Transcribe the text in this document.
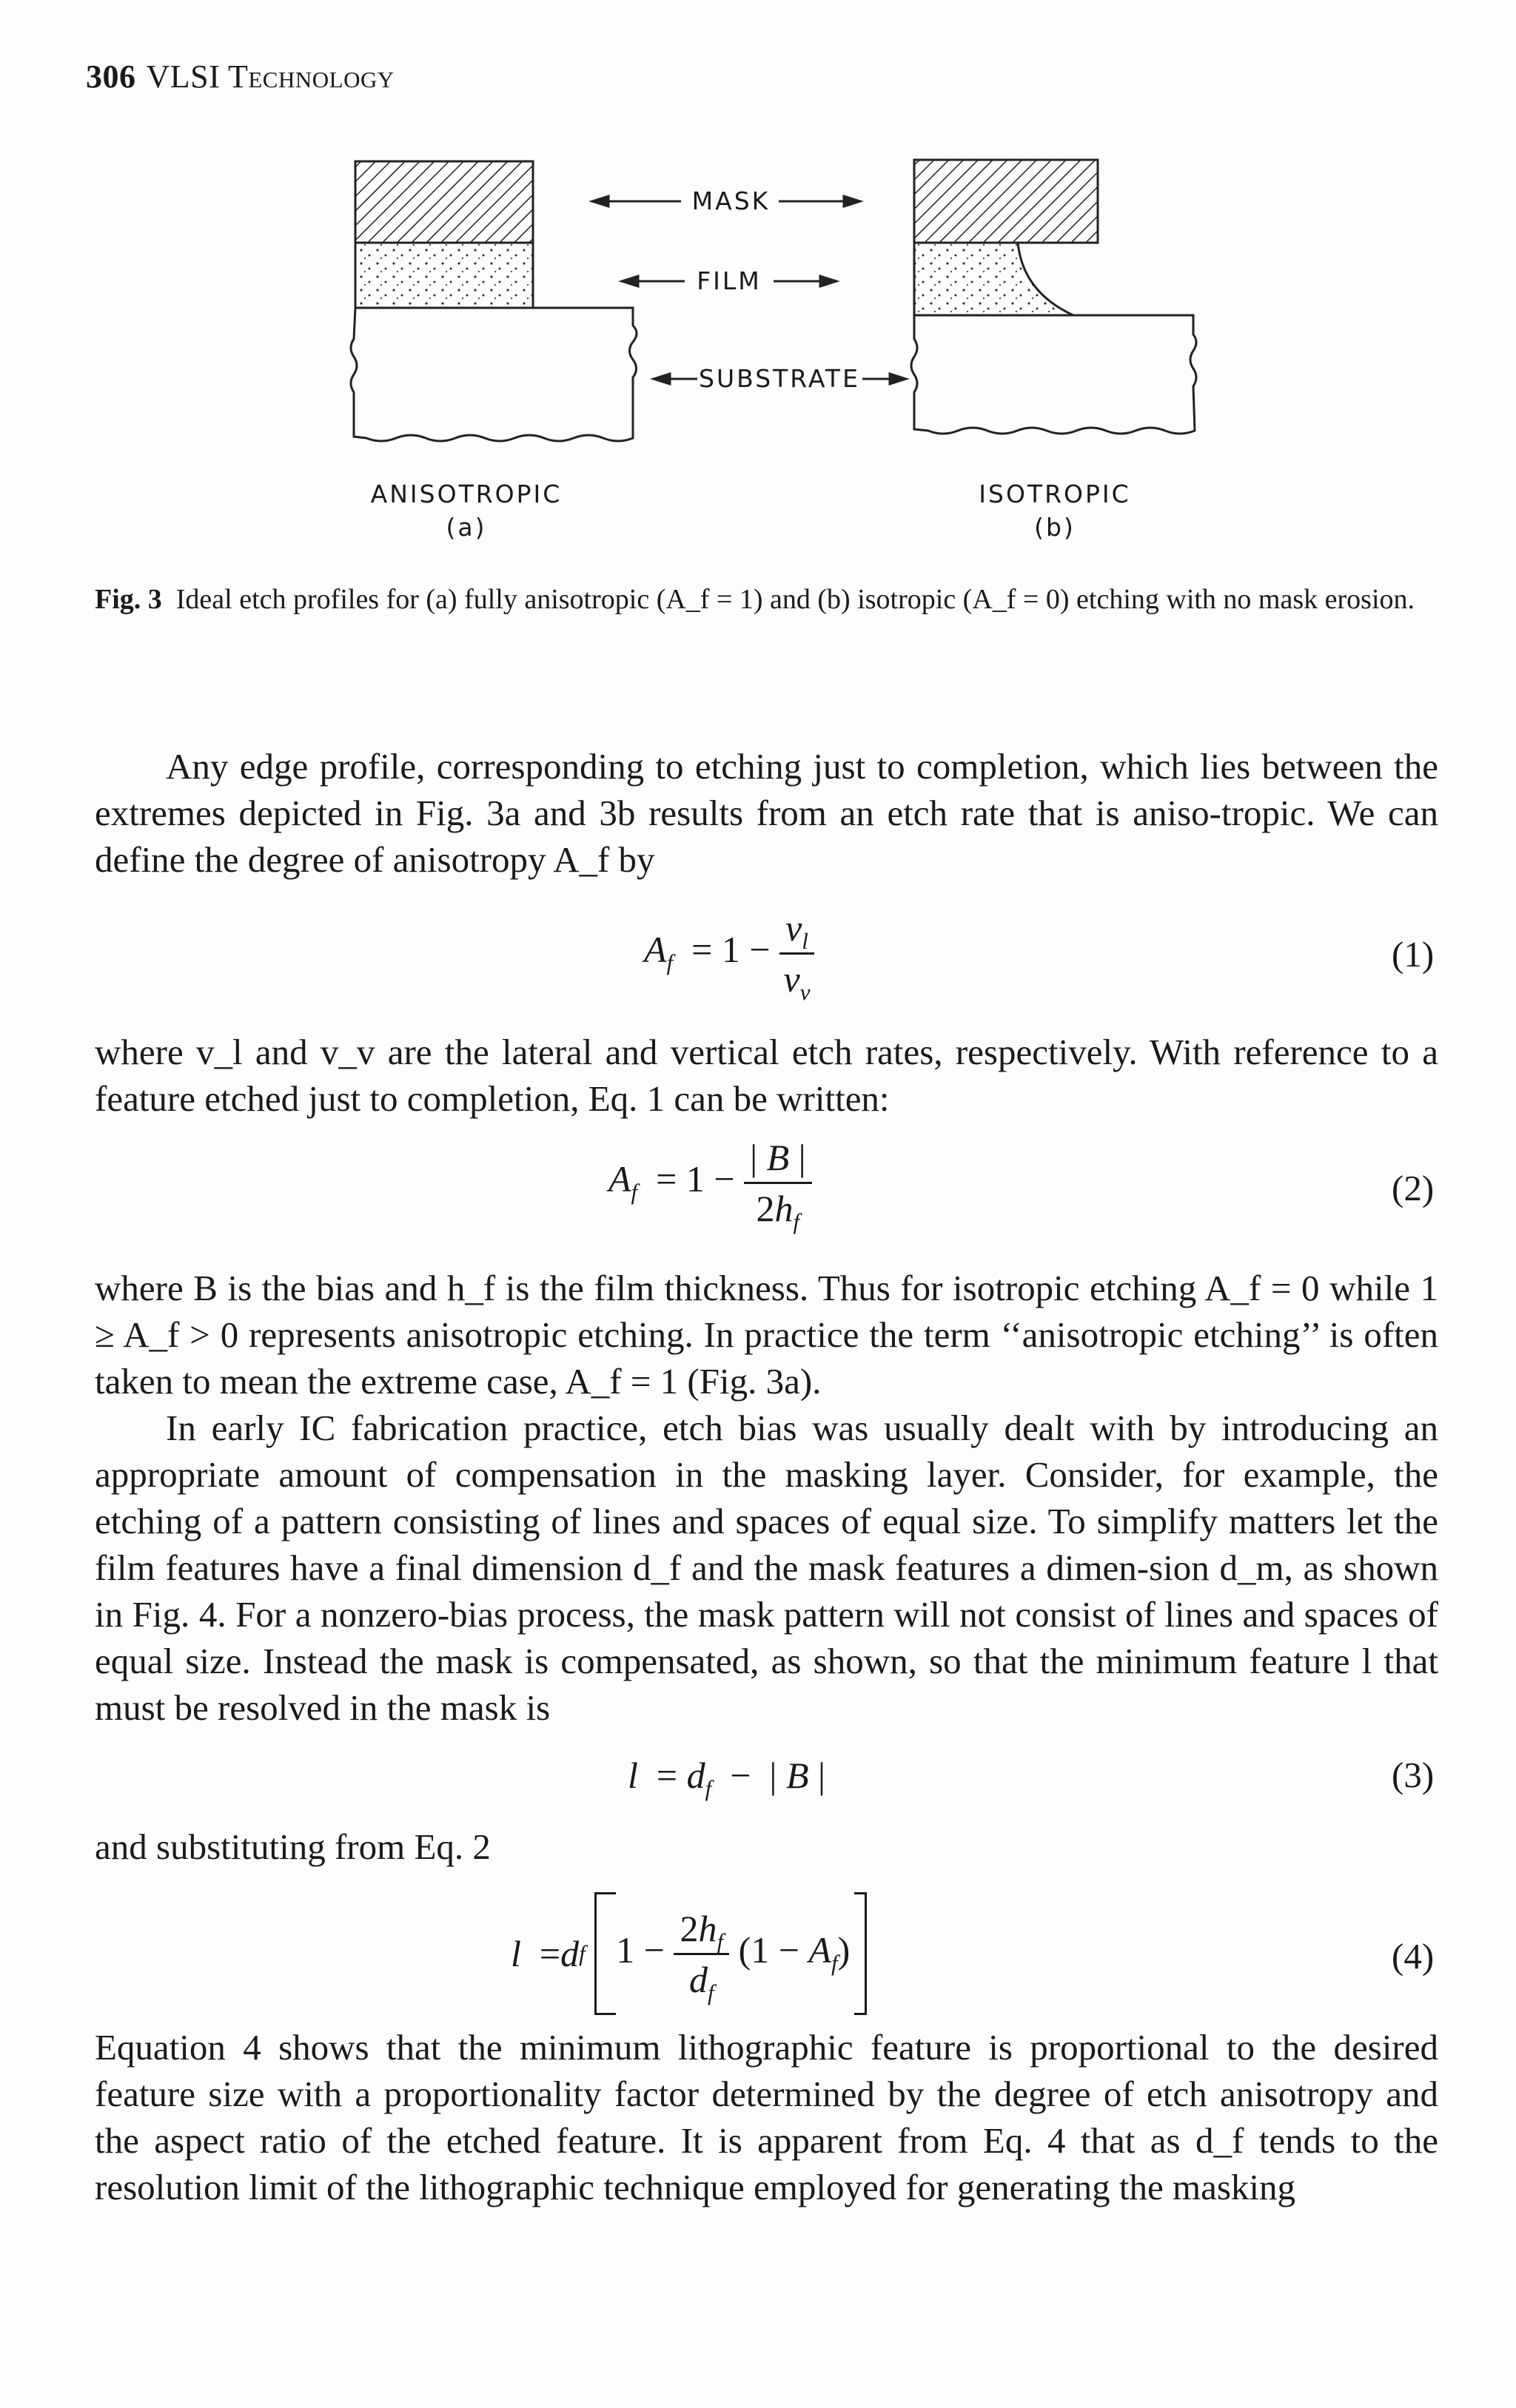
306 VLSI Technology
MASK
FILM
SUBSTRATE
ANISOTROPIC
(a)
ISOTROPIC
(b)
Fig. 3 Ideal etch profiles for (a) fully anisotropic (A_f = 1) and (b) isotropic (A_f = 0) etching with no mask erosion.
Any edge profile, corresponding to etching just to completion, which lies between the extremes depicted in Fig. 3a and 3b results from an etch rate that is aniso-tropic. We can define the degree of anisotropy A_f by
$A_f = 1 - \frac{v_l}{v_v}$	(1)
where v_l and v_v are the lateral and vertical etch rates, respectively. With reference to a feature etched just to completion, Eq. 1 can be written:
$A_f = 1 - \frac{| B |}{2h_f}$	(2)
where B is the bias and h_f is the film thickness. Thus for isotropic etching A_f = 0 while 1 ≥ A_f > 0 represents anisotropic etching. In practice the term ‘‘anisotropic etching’’ is often taken to mean the extreme case, A_f = 1 (Fig. 3a).
In early IC fabrication practice, etch bias was usually dealt with by introducing an appropriate amount of compensation in the masking layer. Consider, for example, the etching of a pattern consisting of lines and spaces of equal size. To simplify matters let the film features have a final dimension d_f and the mask features a dimen-sion d_m, as shown in Fig. 4. For a nonzero-bias process, the mask pattern will not consist of lines and spaces of equal size. Instead the mask is compensated, as shown, so that the minimum feature l that must be resolved in the mask is
$l = d_f$  −  | B |	(3)
and substituting from Eq. 2
l = d f
$1 - \frac{2h_f}{d_f} (1 - A_f)$	(4)
Equation 4 shows that the minimum lithographic feature is proportional to the desired feature size with a proportionality factor determined by the degree of etch anisotropy and the aspect ratio of the etched feature. It is apparent from Eq. 4 that as d_f tends to the resolution limit of the lithographic technique employed for generating the masking
